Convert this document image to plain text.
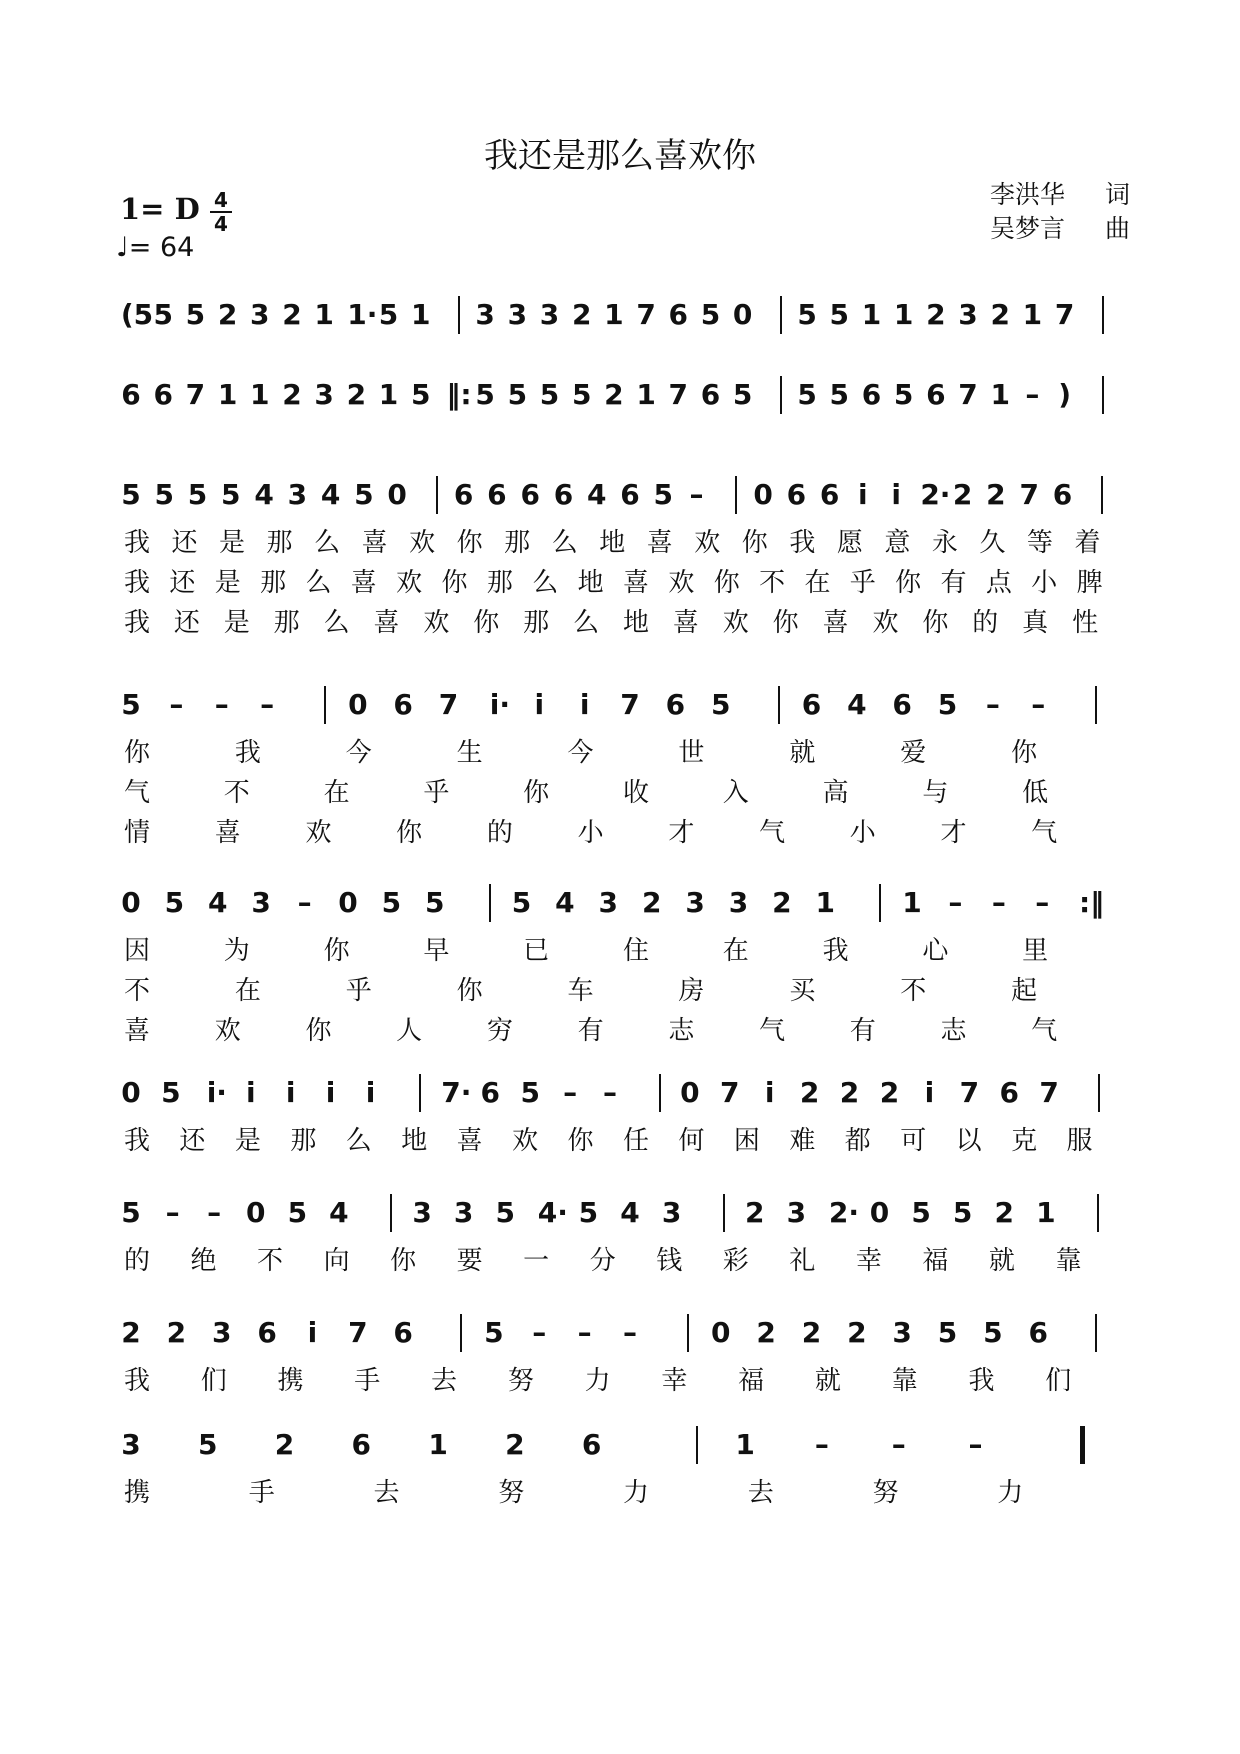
我还是那么喜欢你
李洪华 词
吴梦言 曲
1= D 4
4
♩= 64
(5 5 5 2 3 2 1 1· 5 1 3 3 3 2 1 7 6 5 0 5 5 1 1 2 3 2 1 7
6 6 7 1 1 2 3 2 1 5 ‖: 5 5 5 5 2 1 7 6 5 5 5 6 5 6 7 1 – )
5 5 5 5 4 3 4 5 0 6 6 6 6 4 6 5 – 0 6 6 i i 2· 2 2 7 6
我 还 是 那 么 喜 欢 你 那 么 地 喜 欢 你 我 愿 意 永 久 等 着
我 还 是 那 么 喜 欢 你 那 么 地 喜 欢 你 不 在 乎 你 有 点 小 脾
我 还 是 那 么 喜 欢 你 那 么 地 喜 欢 你 喜 欢 你 的 真 性
5 – – –	0 6 7 i· i i 7 6 5	6 4 6 5 – –
你	我	今	生	今	世	就	爱	你
气	不	在	乎	你	收	入	高	与	低
情 喜 欢 你 的 小 才 气 小 才 气
0 5 4 3 – 0 5 5 5 4 3 2 3 3 2 1 1 – – – :‖
因	为	你	早	已	住	在	我	心	里
不	在	乎	你	车	房	买	不	起
喜 欢 你 人 穷 有 志 气 有 志 气
0 5 i· i i i i 7· 6 5 – – 0 7 i 2 2 2 i 7 6 7
我 还 是 那 么 地 喜 欢 你 任 何 困 难 都 可 以 克 服
5 – – 0 5 4 3 3 5 4· 5 4 3 2 3 2· 0 5 5 2 1
的 绝 不 向 你 要 一 分 钱 彩 礼 幸 福 就 靠
2 2 3 6 i 7 6	5 – – –	0 2 2 2 3 5 5 6
我 们 携 手 去 努 力 幸 福 就 靠 我 们
3 5 2 6 1 2 6	1 – – –
携	手	去	努	力	去	努	力
